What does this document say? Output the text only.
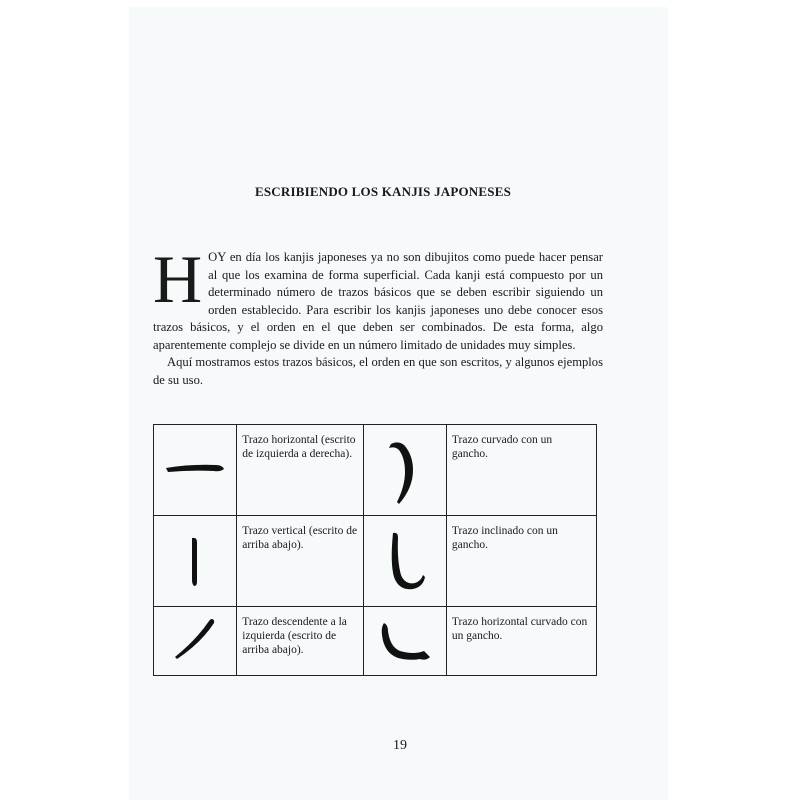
ESCRIBIENDO LOS KANJIS JAPONESES
H OY en día los kanjis japoneses ya no son dibujitos como puede hacer pensar al que los examina de forma superficial. Cada kanji está compuesto por un determinado número de trazos básicos que se deben escribir siguiendo un orden establecido. Para escribir los kanjis japoneses uno debe conocer esos trazos básicos, y el orden en el que deben ser combinados. De esta forma, algo aparentemente complejo se divide en un número limitado de unidades muy simples.

Aquí mostramos estos trazos básicos, el orden en que son escritos, y algunos ejemplos de su uso.

	Trazo horizontal (escrito de izquierda a derecha).		Trazo curvado con un gancho.

	Trazo vertical (escrito de arriba abajo).		Trazo inclinado con un gancho.

	Trazo descendente a la izquierda (escrito de arriba abajo).		Trazo horizontal curvado con un gancho.
19
